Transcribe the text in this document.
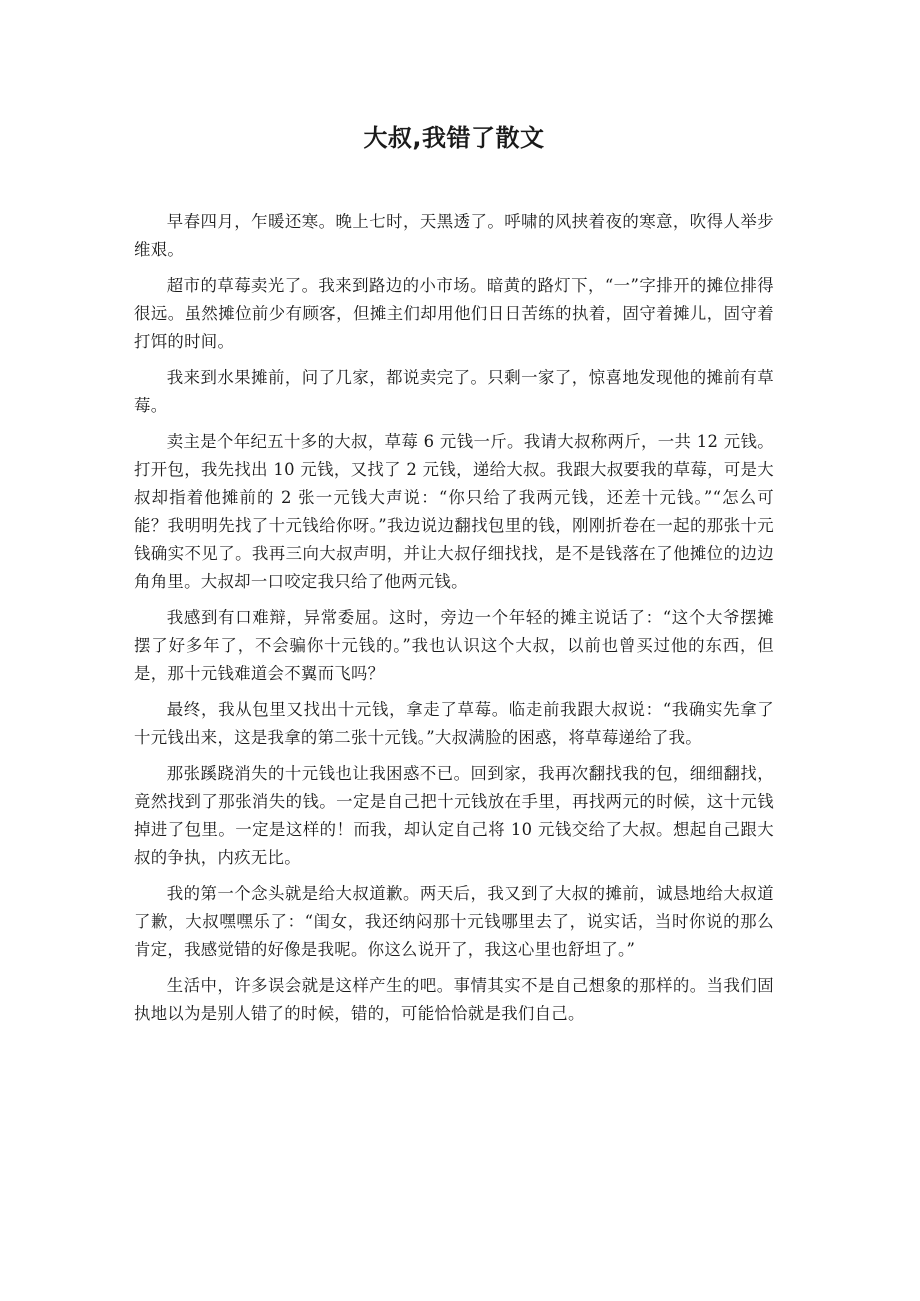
大叔,我错了散文

早春四月，乍暖还寒。晚上七时，天黑透了。呼啸的风挟着夜的寒意，吹得人举步维艰。

超市的草莓卖光了。我来到路边的小市场。暗黄的路灯下，“一”字排开的摊位排得很远。虽然摊位前少有顾客，但摊主们却用他们日日苦练的执着，固守着摊儿，固守着打饵的时间。

我来到水果摊前，问了几家，都说卖完了。只剩一家了，惊喜地发现他的摊前有草莓。

卖主是个年纪五十多的大叔，草莓 6 元钱一斤。我请大叔称两斤，一共 12 元钱。打开包，我先找出 10 元钱，又找了 2 元钱，递给大叔。我跟大叔要我的草莓，可是大叔却指着他摊前的 2 张一元钱大声说：“你只给了我两元钱，还差十元钱。”“怎么可能？我明明先找了十元钱给你呀。”我边说边翻找包里的钱，刚刚折卷在一起的那张十元钱确实不见了。我再三向大叔声明，并让大叔仔细找找，是不是钱落在了他摊位的边边角角里。大叔却一口咬定我只给了他两元钱。

我感到有口难辩，异常委屈。这时，旁边一个年轻的摊主说话了：“这个大爷摆摊摆了好多年了，不会骗你十元钱的。”我也认识这个大叔，以前也曾买过他的东西，但是，那十元钱难道会不翼而飞吗？

最终，我从包里又找出十元钱，拿走了草莓。临走前我跟大叔说：“我确实先拿了十元钱出来，这是我拿的第二张十元钱。”大叔满脸的困惑，将草莓递给了我。

那张蹊跷消失的十元钱也让我困惑不已。回到家，我再次翻找我的包，细细翻找，竟然找到了那张消失的钱。一定是自己把十元钱放在手里，再找两元的时候，这十元钱掉进了包里。一定是这样的！而我，却认定自己将 10 元钱交给了大叔。想起自己跟大叔的争执，内疚无比。

我的第一个念头就是给大叔道歉。两天后，我又到了大叔的摊前，诚恳地给大叔道了歉，大叔嘿嘿乐了：“闺女，我还纳闷那十元钱哪里去了，说实话，当时你说的那么肯定，我感觉错的好像是我呢。你这么说开了，我这心里也舒坦了。”

生活中，许多误会就是这样产生的吧。事情其实不是自己想象的那样的。当我们固执地以为是别人错了的时候，错的，可能恰恰就是我们自己。
